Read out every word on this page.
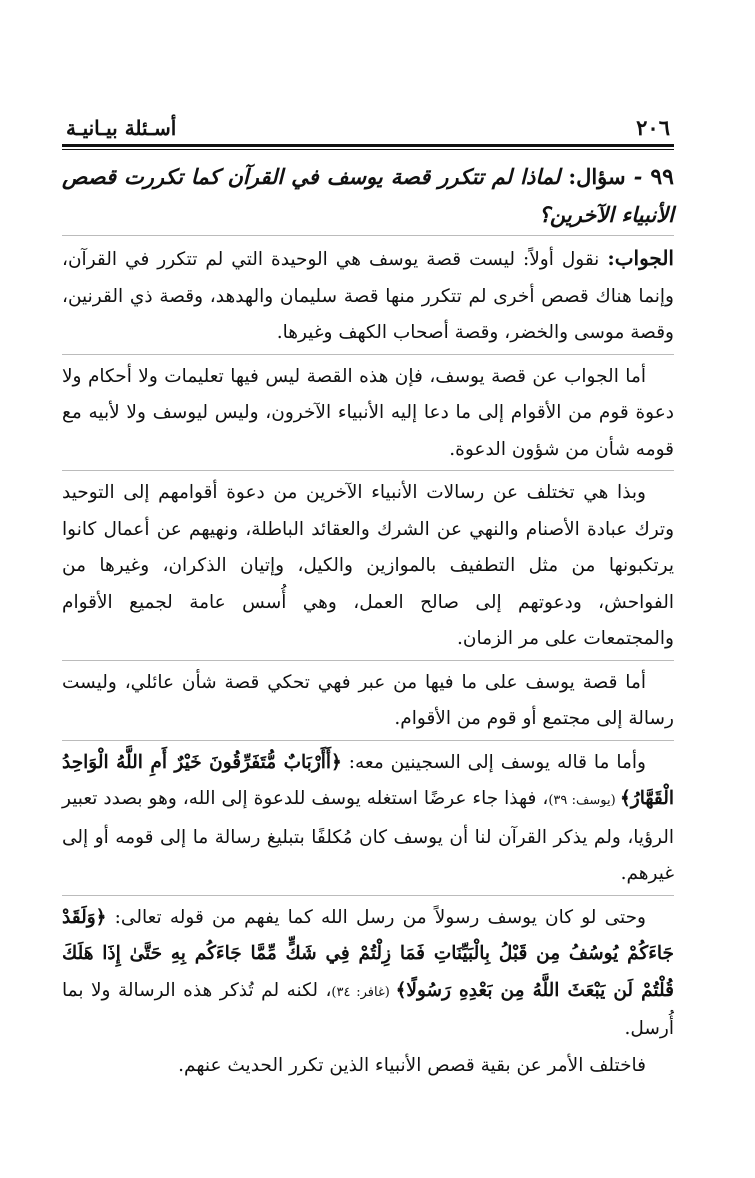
٢٠٦
أسـئلة بيـانيـة

٩٩ - سؤال: لماذا لم تتكرر قصة يوسف في القرآن كما تكررت قصص الأنبياء الآخرين؟

الجواب: نقول أولاً: ليست قصة يوسف هي الوحيدة التي لم تتكرر في القرآن، وإنما هناك قصص أخرى لم تتكرر منها قصة سليمان والهدهد، وقصة ذي القرنين، وقصة موسى والخضر، وقصة أصحاب الكهف وغيرها.

أما الجواب عن قصة يوسف، فإن هذه القصة ليس فيها تعليمات ولا أحكام ولا دعوة قوم من الأقوام إلى ما دعا إليه الأنبياء الآخرون، وليس ليوسف ولا لأبيه مع قومه شأن من شؤون الدعوة.

وبذا هي تختلف عن رسالات الأنبياء الآخرين من دعوة أقوامهم إلى التوحيد وترك عبادة الأصنام والنهي عن الشرك والعقائد الباطلة، ونهيهم عن أعمال كانوا يرتكبونها من مثل التطفيف بالموازين والكيل، وإتيان الذكران، وغيرها من الفواحش، ودعوتهم إلى صالح العمل، وهي أُسس عامة لجميع الأقوام والمجتمعات على مر الزمان.

أما قصة يوسف على ما فيها من عبر فهي تحكي قصة شأن عائلي، وليست رسالة إلى مجتمع أو قوم من الأقوام.

وأما ما قاله يوسف إلى السجينين معه: ﴿أَأَرْبَابٌ مُّتَفَرِّقُونَ خَيْرٌ أَمِ اللَّهُ الْوَاحِدُ الْقَهَّارُ﴾ (يوسف: ٣٩)، فهذا جاء عرضًا استغله يوسف للدعوة إلى الله، وهو بصدد تعبير الرؤيا، ولم يذكر القرآن لنا أن يوسف كان مُكلفًا بتبليغ رسالة ما إلى قومه أو إلى غيرهم.

وحتى لو كان يوسف رسولاً من رسل الله كما يفهم من قوله تعالى: ﴿وَلَقَدْ جَاءَكُمْ يُوسُفُ مِن قَبْلُ بِالْبَيِّنَاتِ فَمَا زِلْتُمْ فِي شَكٍّ مِّمَّا جَاءَكُم بِهِ حَتَّىٰ إِذَا هَلَكَ قُلْتُمْ لَن يَبْعَثَ اللَّهُ مِن بَعْدِهِ رَسُولًا﴾ (غافر: ٣٤)، لكنه لم تُذكر هذه الرسالة ولا بما أُرسل.

فاختلف الأمر عن بقية قصص الأنبياء الذين تكرر الحديث عنهم.
